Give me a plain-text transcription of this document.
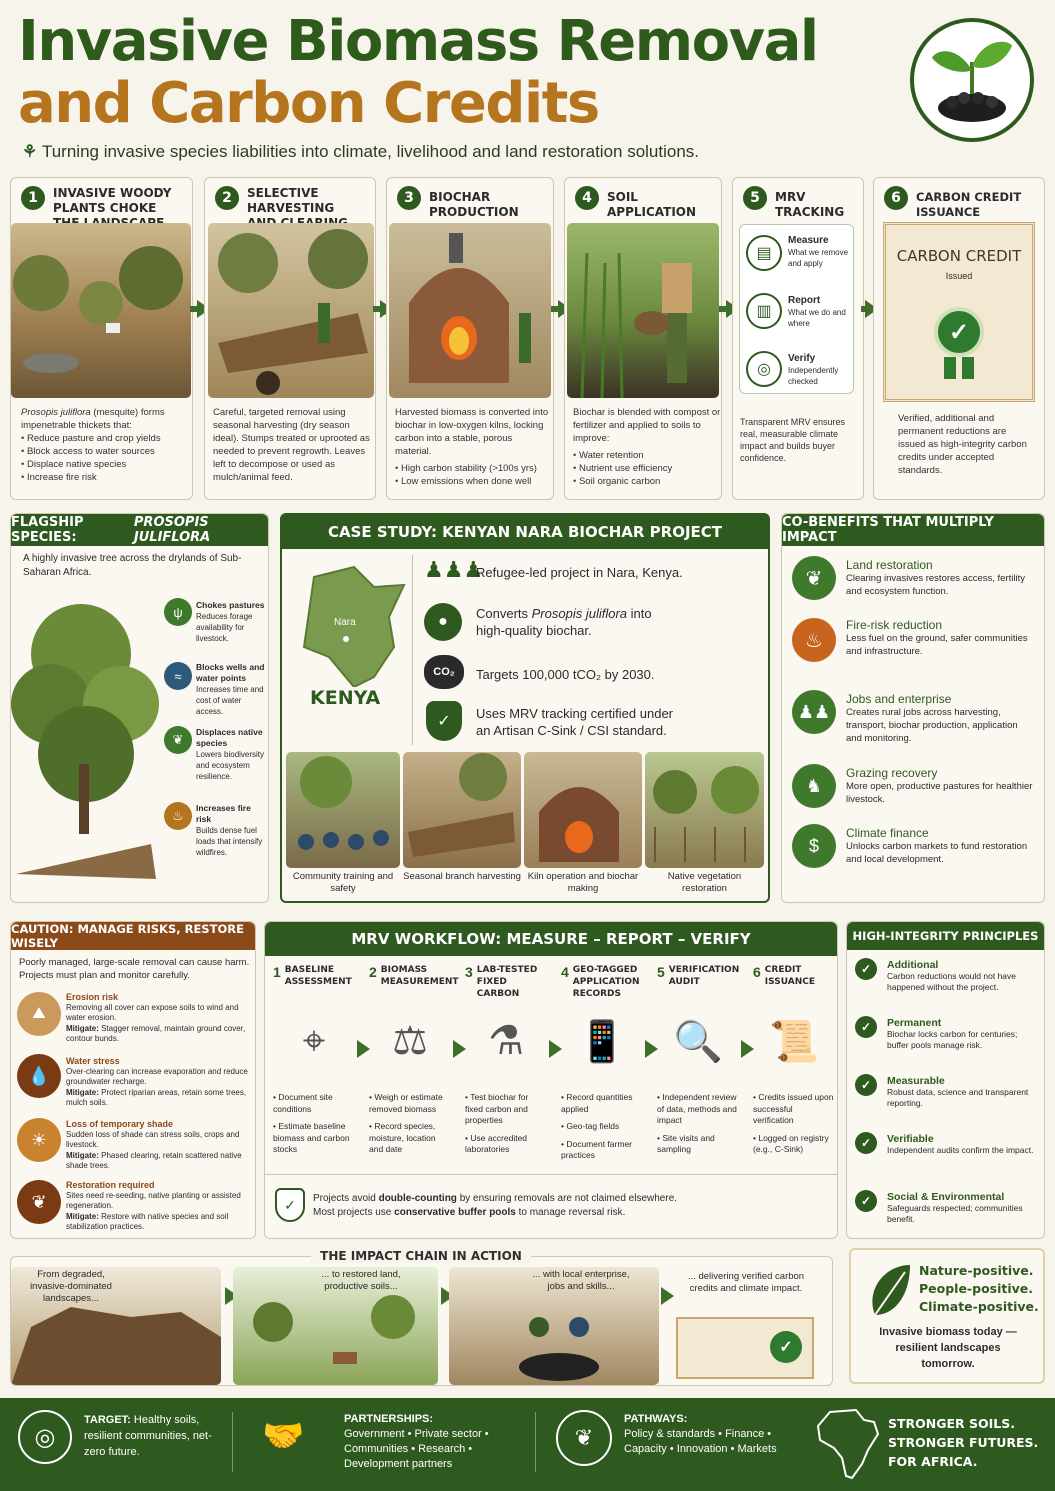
Invasive Biomass Removal
and Carbon Credits
⚘ Turning invasive species liabilities into climate, livelihood and land restoration solutions.
1	INVASIVE WOODY PLANTS CHOKE
Prosopis juliflora (mesquite) forms impenetrable thickets that:
• Reduce pasture and crop yields
• Block access to water sources
• Displace native species
• Increase fire risk
2	SELECTIVE HARVESTING
Careful, targeted removal using seasonal harvesting (dry season ideal). Stumps treated or uprooted as needed to prevent regrowth. Leaves left to decompose or used as mulch/animal feed.
3	BIOCHAR PRODUCTION
Harvested biomass is converted into biochar in low-oxygen kilns, locking carbon into a stable, porous material.
• High carbon stability (>100s yrs)
• Low emissions when done well
4	SOIL APPLICATION
Biochar is blended with compost or fertilizer and applied to soils to improve:
• Water retention
• Nutrient use efficiency
• Soil organic carbon
5	MRV TRACKING
▤
Measure
What we remove and apply
▥
Report
What we do and where
◎
Verify
Independently checked
Transparent MRV ensures real, measurable climate impact and builds buyer confidence.
6	CARBON CREDIT ISSUANCE
CARBON CREDIT
Issued
✓
Verified, additional and permanent reductions are issued as high-integrity carbon credits under accepted standards.
FLAGSHIP SPECIES:
PROSOPIS JULIFLORA
A highly invasive tree across the drylands of Sub-Saharan Africa.
ψ	Chokes pastures
Reduces forage availability for livestock.
≈
Blocks wells and water points
Increases time and cost of water access.
❦	Displaces native species
Lowers biodiversity and ecosystem resilience.
♨	Increases fire risk
Builds dense fuel loads that intensify wildfires.
CASE STUDY: KENYAN NARA BIOCHAR PROJECT
Nara
KENYA
♟♟♟
Refugee-led project in Nara, Kenya.
●	Converts Prosopis juliflora into high-quality biochar.
CO₂ Targets 100,000 tCO₂ by 2030.
✓	Uses MRV tracking certified under an Artisan C-Sink / CSI standard.
Community training and safety
Seasonal branch harvesting Kiln operation and biochar making
Native vegetation restoration
CO-BENEFITS THAT MULTIPLY IMPACT
❦
Land restoration
Clearing invasives restores access, fertility and ecosystem function.
♨
Fire-risk reduction
Less fuel on the ground, safer communities and infrastructure.
♟♟
Jobs and enterprise
Creates rural jobs across harvesting, transport, biochar production, application and monitoring.
♞
Grazing recovery
More open, productive pastures for healthier livestock.
$
Climate finance
Unlocks carbon markets to fund restoration and local development.
CAUTION: MANAGE RISKS, RESTORE WISELY
Poorly managed, large-scale removal can cause harm. Projects must plan and monitor carefully.
⛰
Erosion risk
Removing all cover can expose soils to wind and water erosion.
Mitigate: Stagger removal, maintain ground cover, contour bunds.
💧
Water stress
Over-clearing can increase evaporation and reduce groundwater recharge.
Mitigate: Protect riparian areas, retain some trees, mulch soils.
☀
Loss of temporary shade
Sudden loss of shade can stress soils, crops and livestock.
Mitigate: Phased clearing, retain scattered native shade trees.
❦
Restoration required
Sites need re-seeding, native planting or assisted regeneration.
Mitigate: Restore with native species and soil stabilization practices.
MRV WORKFLOW: MEASURE – REPORT – VERIFY
1 BASELINE ASSESSMENT
⌖
• Document site conditions
• Estimate baseline biomass and carbon stocks
2 BIOMASS MEASUREMENT
⚖
• Weigh or estimate removed biomass
• Record species, moisture, location and date
3 LAB-TESTED FIXED CARBON
⚗
• Test biochar for fixed carbon and properties
• Use accredited laboratories
4 GEO-TAGGED APPLICATION RECORDS
📱
• Record quantities applied
• Geo-tag fields
• Document farmer practices
5 VERIFICATION AUDIT
🔍
• Independent review of data, methods and impact
• Site visits and sampling
6 CREDIT ISSUANCE
📜
• Credits issued upon successful verification
• Logged on registry (e.g., C-Sink)
✓	Projects avoid double-counting by ensuring removals are not claimed elsewhere.
Most projects use conservative buffer pools to manage reversal risk.
HIGH-INTEGRITY PRINCIPLES
✓	Additional
Carbon reductions would not have happened without the project.
✓	Permanent
Biochar locks carbon for centuries; buffer pools manage risk.
✓	Measurable
Robust data, science and transparent reporting.
✓	Verifiable
Independent audits confirm the impact.
✓	Social & Environmental
Safeguards respected; communities benefit.
THE IMPACT CHAIN IN ACTION
From degraded, invasive-dominated landscapes...
... to restored land, productive soils...
... with local enterprise, jobs and skills...
✓
... delivering verified carbon credits and climate impact.
Nature-positive.
People-positive.
Climate-positive.
Invasive biomass today — resilient landscapes tomorrow.
◎
TARGET: Healthy soils, resilient communities, net-zero future.	🤝	PARTNERSHIPS:
Government • Private sector • Communities • Research • Development partners
❦
PATHWAYS:
Policy & standards • Finance • Capacity • Innovation • Markets
STRONGER SOILS.
STRONGER FUTURES.
FOR AFRICA.
